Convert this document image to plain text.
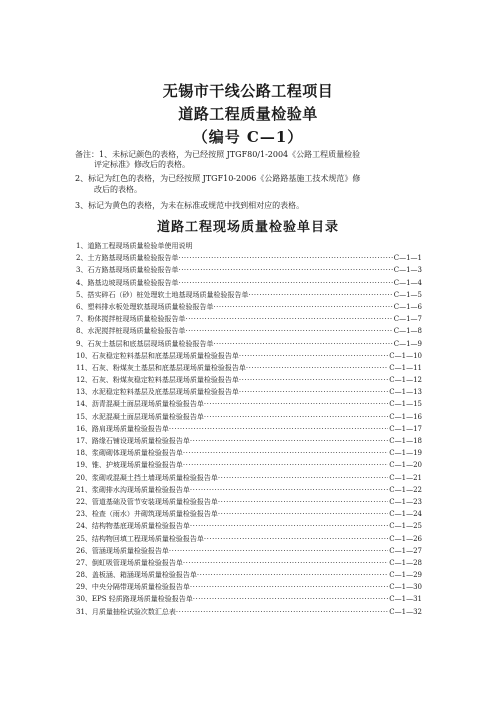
无锡市干线公路工程项目
道路工程质量检验单
（编号 C—1）
备注：1、未标记颜色的表格，为已经按照 JTGF80/1-2004《公路工程质量检验
评定标准》修改后的表格。
2、标记为红色的表格，为已经按照 JTGF10-2006《公路路基施工技术规范》修
改后的表格。
3、标记为黄色的表格，为未在标准或规范中找到相对应的表格。
道路工程现场质量检验单目录
1、道路工程现场质量检验单使用说明
2、土方路基现场质量检验报告单 ·····	C—1—1
3、石方路基现场质量检验报告单 ·····	C—1—3
4、路基边坡现场质量检验报告单 ·····	C—1—4
5、搭实碎石（砂）桩处理软土地基现场质量检验报告单 ·····	C—1—5
6、塑料排水板处理软基现场质量检验报告单 ·····	C—1—6
7、粉体搅拌桩现场质量检验报告单 ·····	C—1—7
8、水泥搅拌桩现场质量检验报告单 ·····	C—1—8
9、石灰土基层和底基层现场质量检验报告单 ·····	C—1—9
10、石灰稳定粒料基层和底基层现场质量检验报告单 ·····	C—1—10
11、石灰、粉煤灰土基层和底基层现场质量检验报告单 ·····	C—1—11
12、石灰、粉煤灰稳定粒料基层现场质量检验报告单 ·····	C—1—12
13、水泥稳定粒料基层及底基层现场质量检验报告单 ·····	C—1—13
14、沥青混凝土面层现场质量检验报告单 ·····	C—1—15
15、水泥混凝土面层现场质量检验报告单 ·····	C—1—16
16、路肩现场质量检验报告单 ·····	C—1—17
17、路缘石铺设现场质量检验报告单 ·····	C—1—18
18、浆砌砌体现场质量检验报告单 ·····	C—1—19
19、锥、护坡现场质量检验报告单 ·····	C—1—20
20、浆砌或混凝土挡土墙现场质量检验报告单 ·····	C—1—21
21、浆砌排水沟现场质量检验报告单 ·····	C—1—22
22、管道基础及管节安装现场质量检验报告单 ·····	C—1—23
23、检查（雨水）井砌筑现场质量检验报告单 ·····	C—1—24
24、结构物基底现场质量检验报告单 ·····	C—1—25
25、结构物回填工程现场质量检验报告单 ·····	C—1—26
26、管涵现场质量检验报告单 ·····	C—1—27
27、倒虹吸管现场质量检验报告单 ·····	C—1—28
28、盖板涵、箱涵现场质量检验报告单 ·····	C—1—29
29、中央分隔带现场质量检验报告单 ·····	C—1—30
30、EPS 轻质路现场质量检验报告单 ·····	C—1—31
31、月质量抽检试验次数汇总表 ·····	C—1—32
